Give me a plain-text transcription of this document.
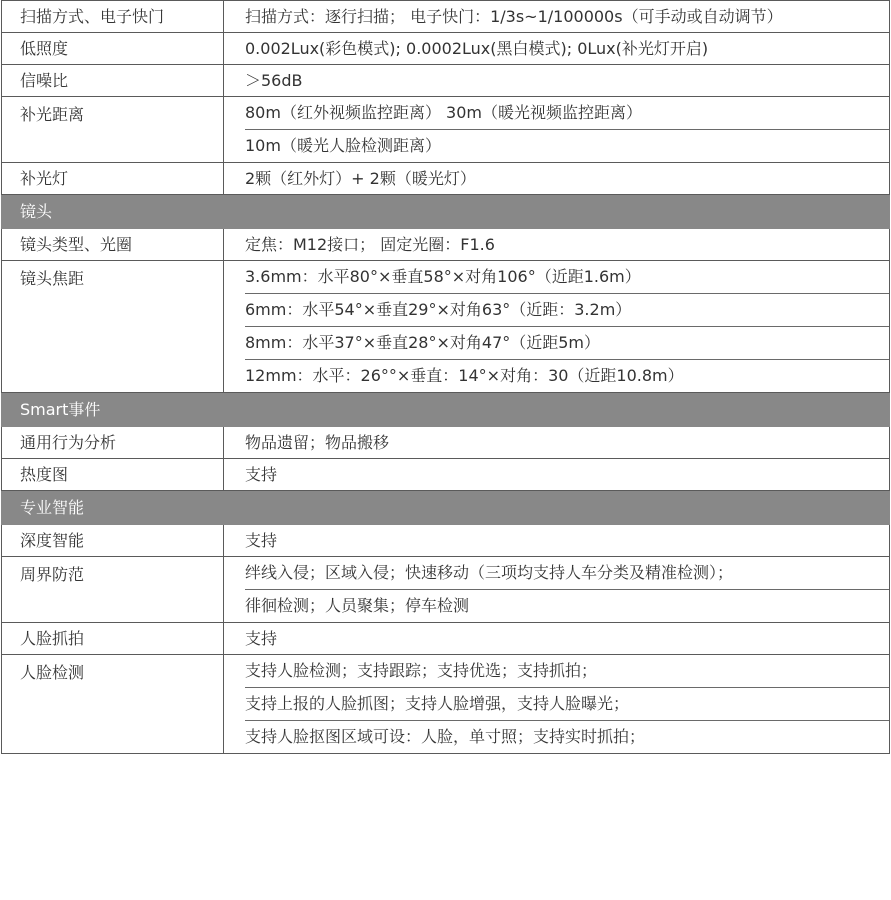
扫描方式、电子快门	扫描方式：逐行扫描； 电子快门：1/3s~1/100000s（可手动或自动调节）
低照度	0.002Lux(彩色模式); 0.0002Lux(黑白模式); 0Lux(补光灯开启)
信噪比	＞56dB
补光距离	80m（红外视频监控距离） 30m（暖光视频监控距离）
10m（暖光人脸检测距离）

补光灯	2颗（红外灯）+ 2颗（暖光灯）
镜头	
镜头类型、光圈	定焦：M12接口； 固定光圈：F1.6
镜头焦距	3.6mm：水平80°×垂直58°×对角106°（近距1.6m）
6mm：水平54°×垂直29°×对角63°（近距：3.2m）
8mm：水平37°×垂直28°×对角47°（近距5m）
12mm：水平：26°°×垂直：14°×对角：30（近距10.8m）

Smart事件	
通用行为分析	物品遗留；物品搬移
热度图	支持
专业智能	
深度智能	支持
周界防范	绊线入侵；区域入侵；快速移动（三项均支持人车分类及精准检测）；
徘徊检测；人员聚集；停车检测

人脸抓拍	支持
人脸检测	支持人脸检测；支持跟踪；支持优选；支持抓拍；
支持上报的人脸抓图；支持人脸增强，支持人脸曝光；
支持人脸抠图区域可设：人脸，单寸照；支持实时抓拍；
